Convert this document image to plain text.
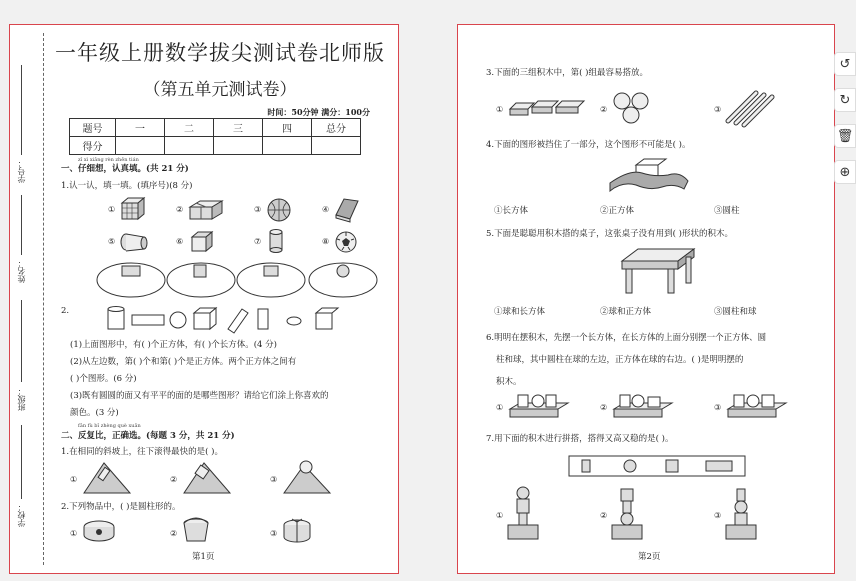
学号：
姓名：
班级：
学校：
一年级上册数学拔尖测试卷北师版
（第五单元测试卷）
时间：50分钟 满分：100分
题号	一	二	三	四	总分
得分					
zǐ xì xiǎng rèn zhēn tián
一、仔细想，认真填。(共 21 分)
1.认一认，填一填。(填序号)(8 分)
①	②	③	④
⑤	⑥	⑦	⑧
2.
(1)上面图形中，有( )个正方体，有( )个长方体。(4 分)
(2)从左边数，第( )个和第( )个是正方体。两个正方体之间有
( )个图形。(6 分)
(3)既有圆圆的面又有平平的面的是哪些图形？请给它们涂上你喜欢的
颜色。(3 分)
fǎn fù bǐ zhèng què xuǎn
二、反复比，正确选。(每题 3 分，共 21 分)
1.在相同的斜坡上，往下滚得最快的是( )。
①	②	③
2.下列物品中，( )是圆柱形的。
①	②	③
第1页
3.下面的三组积木中，第( )组最容易搭放。
①	②	③
4.下面的图形被挡住了一部分，这个图形不可能是( )。
①长方体	②正方体	③圆柱
5.下面是聪聪用积木搭的桌子，这张桌子没有用到( )形状的积木。
①球和长方体	②球和正方体	③圆柱和球
6.明明在摆积木，先摆一个长方体，在长方体的上面分别摆一个正方体、圆
柱和球，其中圆柱在球的左边，正方体在球的右边。( )是明明摆的
积木。
①	②	③
7.用下面的积木进行拼搭，搭得又高又稳的是( )。
①	②	③
第2页
↺
↻
🗑
⊕
